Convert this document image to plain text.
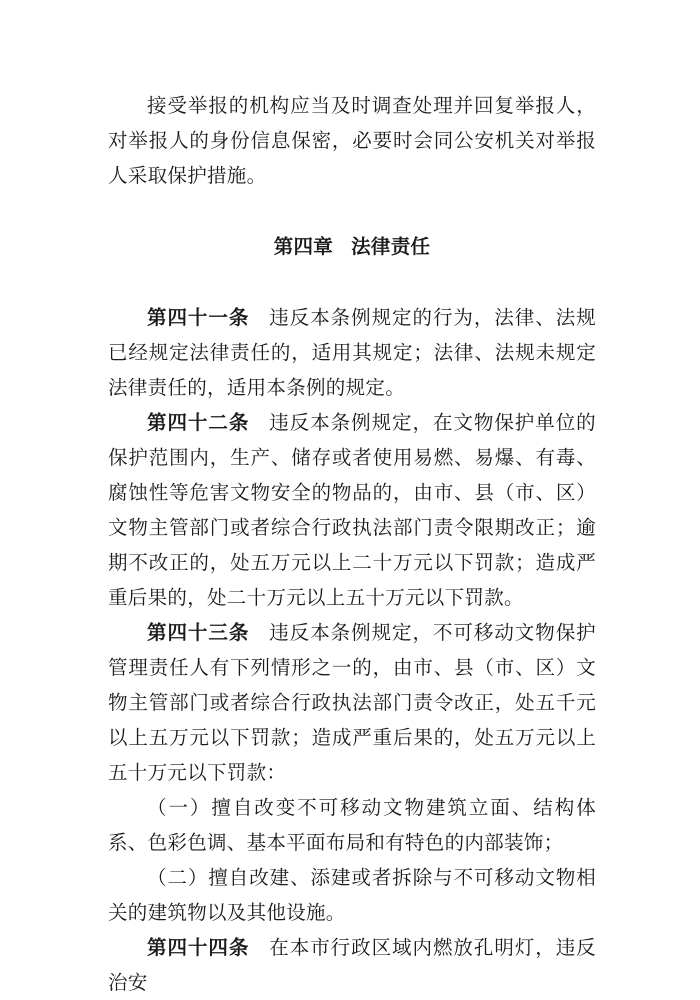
接受举报的机构应当及时调查处理并回复举报人，对举报人的身份信息保密，必要时会同公安机关对举报人采取保护措施。

第四章 法律责任

第四十一条 违反本条例规定的行为，法律、法规已经规定法律责任的，适用其规定；法律、法规未规定法律责任的，适用本条例的规定。

第四十二条 违反本条例规定，在文物保护单位的保护范围内，生产、储存或者使用易燃、易爆、有毒、腐蚀性等危害文物安全的物品的，由市、县（市、区）文物主管部门或者综合行政执法部门责令限期改正；逾期不改正的，处五万元以上二十万元以下罚款；造成严重后果的，处二十万元以上五十万元以下罚款。

第四十三条 违反本条例规定，不可移动文物保护管理责任人有下列情形之一的，由市、县（市、区）文物主管部门或者综合行政执法部门责令改正，处五千元以上五万元以下罚款；造成严重后果的，处五万元以上五十万元以下罚款：

（一）擅自改变不可移动文物建筑立面、结构体系、色彩色调、基本平面布局和有特色的内部装饰；

（二）擅自改建、添建或者拆除与不可移动文物相关的建筑物以及其他设施。

第四十四条 在本市行政区域内燃放孔明灯，违反治安
